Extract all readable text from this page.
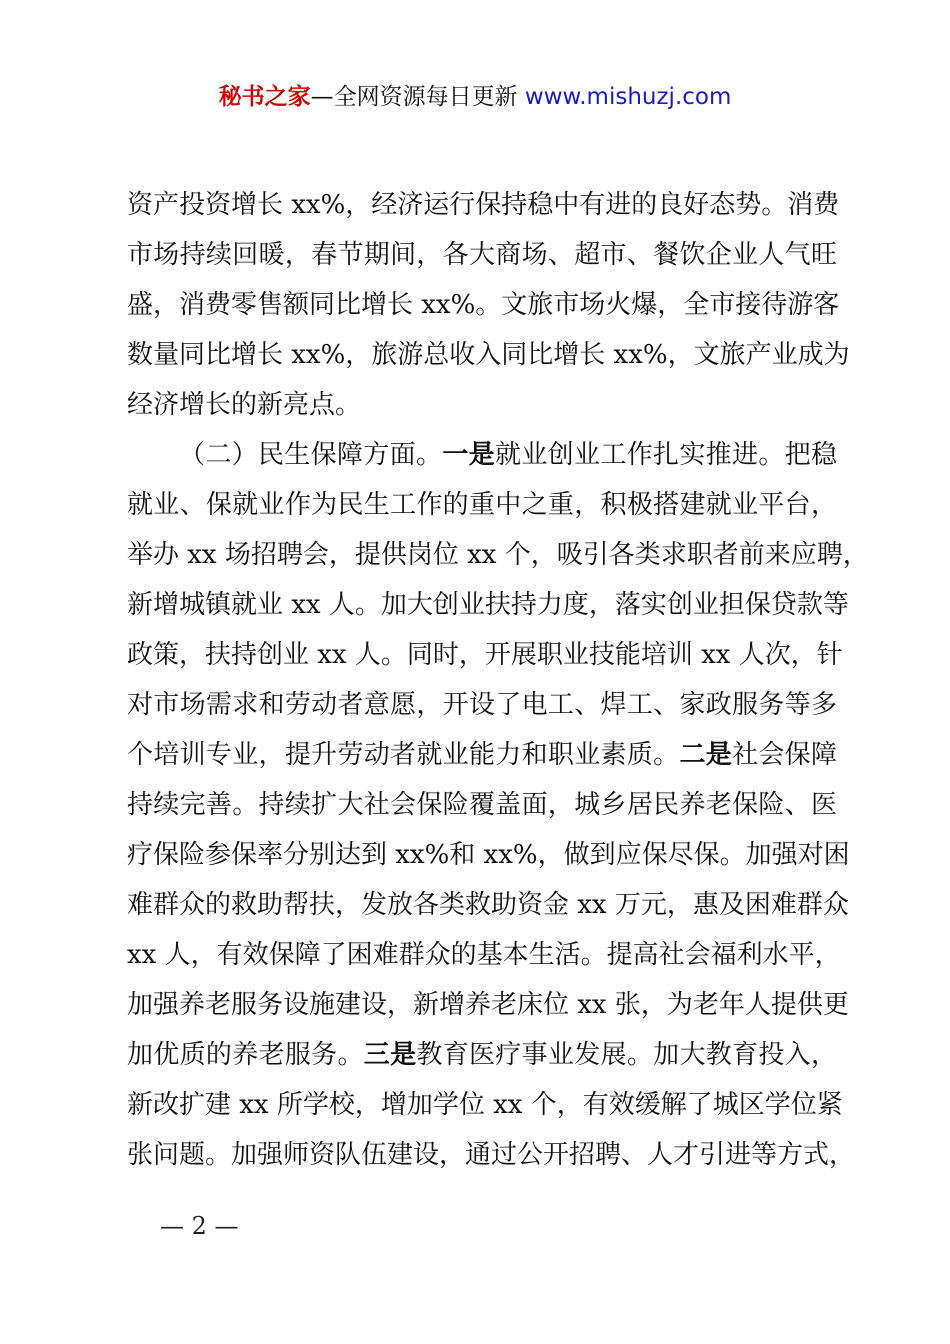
秘书之家—全网资源每日更新 www.mishuzj.com
资产投资增长 xx%，经济运行保持稳中有进的良好态势。消费
市场持续回暖，春节期间，各大商场、超市、餐饮企业人气旺
盛，消费零售额同比增长 xx%。文旅市场火爆，全市接待游客
数量同比增长 xx%，旅游总收入同比增长 xx%，文旅产业成为
经济增长的新亮点。
（二）民生保障方面。一是就业创业工作扎实推进。把稳
就业、保就业作为民生工作的重中之重，积极搭建就业平台，
举办 xx 场招聘会，提供岗位 xx 个，吸引各类求职者前来应聘，
新增城镇就业 xx 人。加大创业扶持力度，落实创业担保贷款等
政策，扶持创业 xx 人。同时，开展职业技能培训 xx 人次，针
对市场需求和劳动者意愿，开设了电工、焊工、家政服务等多
个培训专业，提升劳动者就业能力和职业素质。二是社会保障
持续完善。持续扩大社会保险覆盖面，城乡居民养老保险、医
疗保险参保率分别达到 xx%和 xx%，做到应保尽保。加强对困
难群众的救助帮扶，发放各类救助资金 xx 万元，惠及困难群众
xx 人，有效保障了困难群众的基本生活。提高社会福利水平，
加强养老服务设施建设，新增养老床位 xx 张，为老年人提供更
加优质的养老服务。三是教育医疗事业发展。加大教育投入，
新改扩建 xx 所学校，增加学位 xx 个，有效缓解了城区学位紧
张问题。加强师资队伍建设，通过公开招聘、人才引进等方式，
— 2 —
